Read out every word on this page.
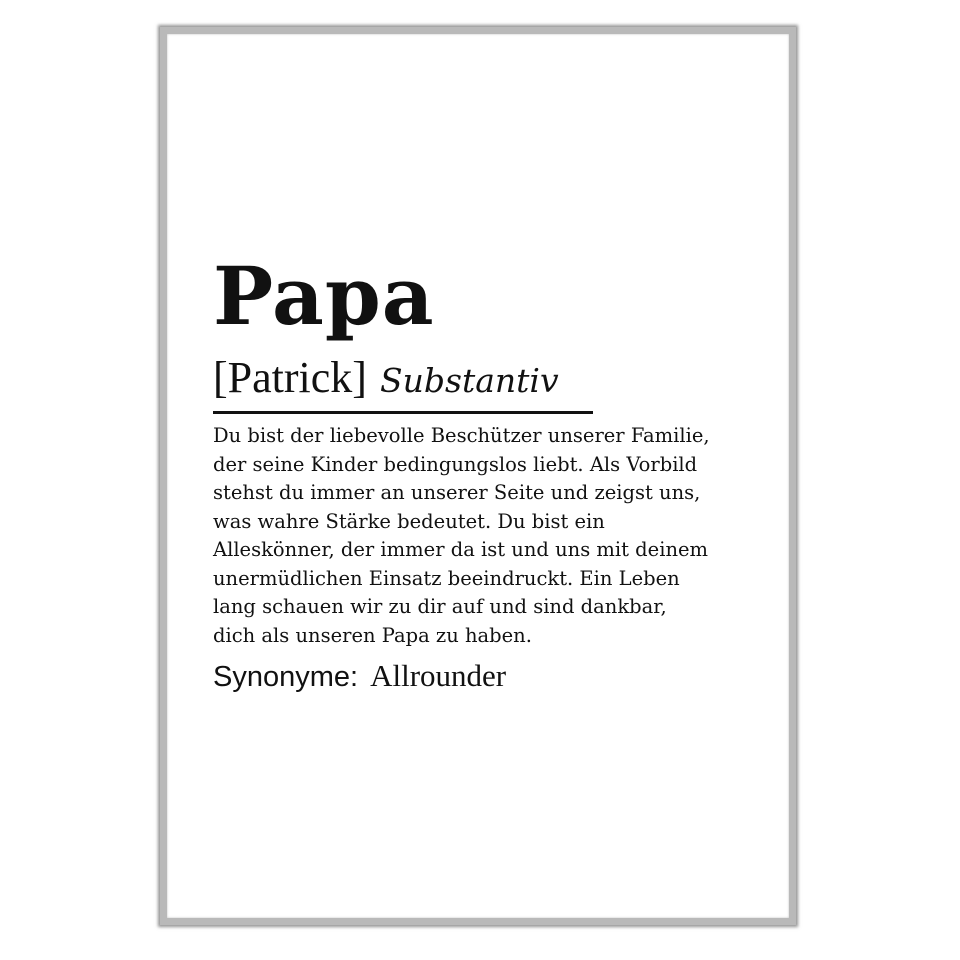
Papa
[Patrick] Substantiv
Du bist der liebevolle Beschützer unserer Familie,
der seine Kinder bedingungslos liebt. Als Vorbild
stehst du immer an unserer Seite und zeigst uns,
was wahre Stärke bedeutet. Du bist ein
Alleskönner, der immer da ist und uns mit deinem
unermüdlichen Einsatz beeindruckt. Ein Leben
lang schauen wir zu dir auf und sind dankbar,
dich als unseren Papa zu haben.
Synonyme: Allrounder
